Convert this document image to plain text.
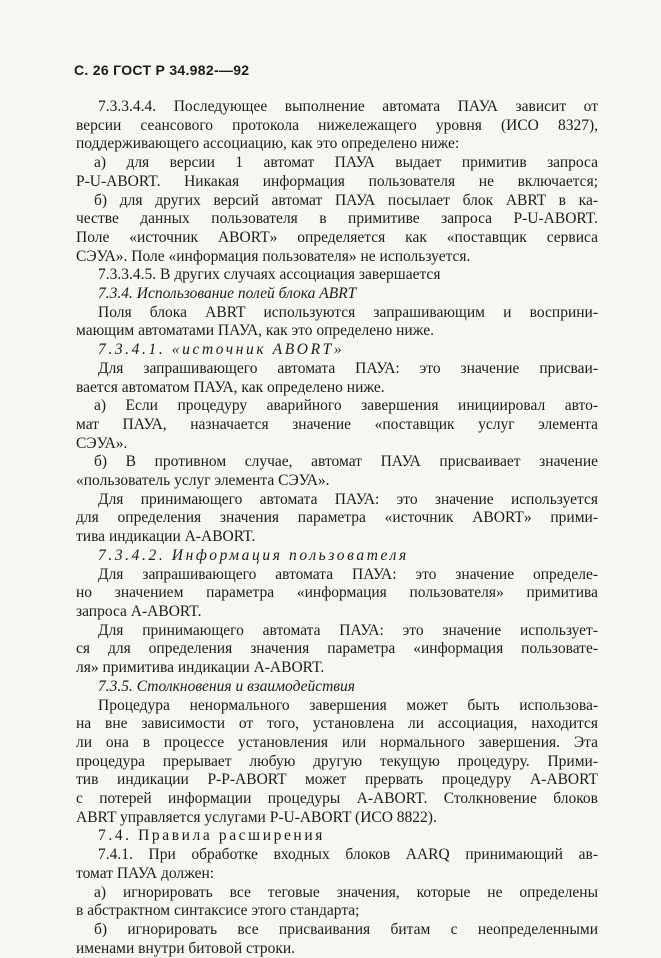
С. 26 ГОСТ Р 34.982-—92
7.3.3.4.4. Последующее выполнение автомата ПАУА зависит от
версии сеансового протокола нижележащего уровня (ИСО 8327),
поддерживающего ассоциацию, как это определено ниже:
а) для версии 1 автомат ПАУА выдает примитив запроса
P-U-ABORT. Никакая информация пользователя не включается;
б) для других версий автомат ПАУА посылает блок ABRT в ка-
честве данных пользователя в примитиве запроса P-U-ABORT.
Поле «источник ABORT» определяется как «поставщик сервиса
СЭУА». Поле «информация пользователя» не используется.
7.3.3.4.5. В других случаях ассоциация завершается
7.3.4. Использование полей блока ABRT
Поля блока ABRT используются запрашивающим и восприни-
мающим автоматами ПАУА, как это определено ниже.
7.3.4.1. «источник ABORT»
Для запрашивающего автомата ПАУА: это значение присваи-
вается автоматом ПАУА, как определено ниже.
а) Если процедуру аварийного завершения инициировал авто-
мат ПАУА, назначается значение «поставщик услуг элемента
СЭУА».
б) В противном случае, автомат ПАУА присваивает значение
«пользователь услуг элемента СЭУА».
Для принимающего автомата ПАУА: это значение используется
для определения значения параметра «источник ABORT» прими-
тива индикации A-ABORT.
7.3.4.2. Информация пользователя
Для запрашивающего автомата ПАУА: это значение определе-
но значением параметра «информация пользователя» примитива
запроса A-ABORT.
Для принимающего автомата ПАУА: это значение использует-
ся для определения значения параметра «информация пользовате-
ля» примитива индикации A-ABORT.
7.3.5. Столкновения и взаимодействия
Процедура ненормального завершения может быть использова-
на вне зависимости от того, установлена ли ассоциация, находится
ли она в процессе установления или нормального завершения. Эта
процедура прерывает любую другую текущую процедуру. Прими-
тив индикации P-P-ABORT может прервать процедуру A-ABORT
с потерей информации процедуры A-ABORT. Столкновение блоков
ABRT управляется услугами P-U-ABORT (ИСО 8822).
7.4. Правила расширения
7.4.1. При обработке входных блоков AARQ принимающий ав-
томат ПАУА должен:
а) игнорировать все теговые значения, которые не определены
в абстрактном синтаксисе этого стандарта;
б) игнорировать все присваивания битам с неопределенными
именами внутри битовой строки.
